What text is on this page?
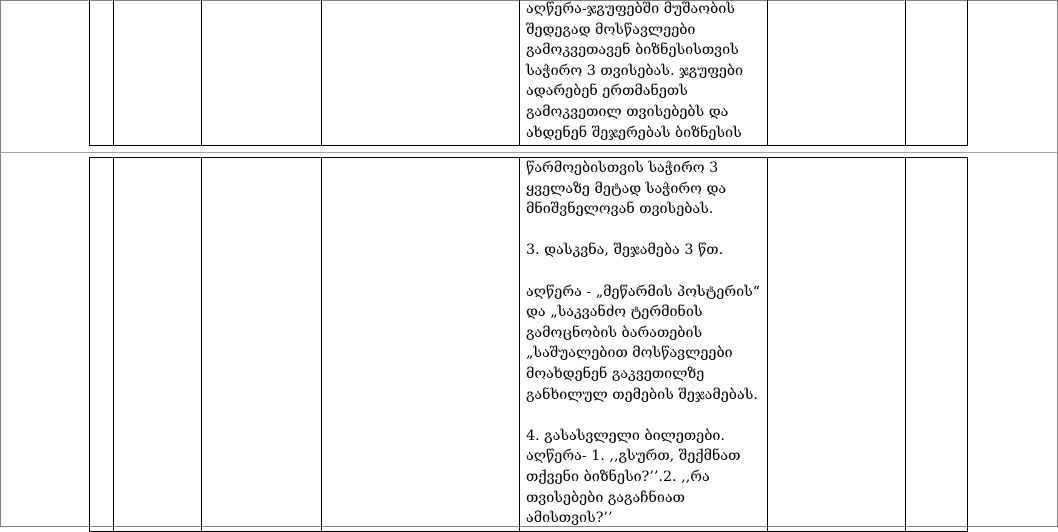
აღწერა-ჯგუფებში მუშაობის
შედეგად მოსწავლეები
გამოკვეთავენ ბიზნესისთვის
საჭირო 3 თვისებას. ჯგუფები
ადარებენ ერთმანეთს
გამოკვეთილ თვისებებს და
ახდენენ შეჯერებას ბიზნესის

წარმოებისთვის საჭირო 3
ყველაზე მეტად საჭირო და
მნიშვნელოვან თვისებას.
3. დასკვნა, შეჯამება 3 წთ.
აღწერა - „მეწარმის პოსტერის“
და „საკვანძო ტერმინის
გამოცნობის ბარათების
„საშუალებით მოსწავლეები
მოახდენენ გაკვეთილზე
განხილულ თემების შეჯამებას.
4. გასასვლელი ბილეთები.
აღწერა- 1. ,,გსურთ, შექმნათ
თქვენი ბიზნესი?’’.2. ,,რა
თვისებები გაგაჩნიათ
ამისთვის?’’
